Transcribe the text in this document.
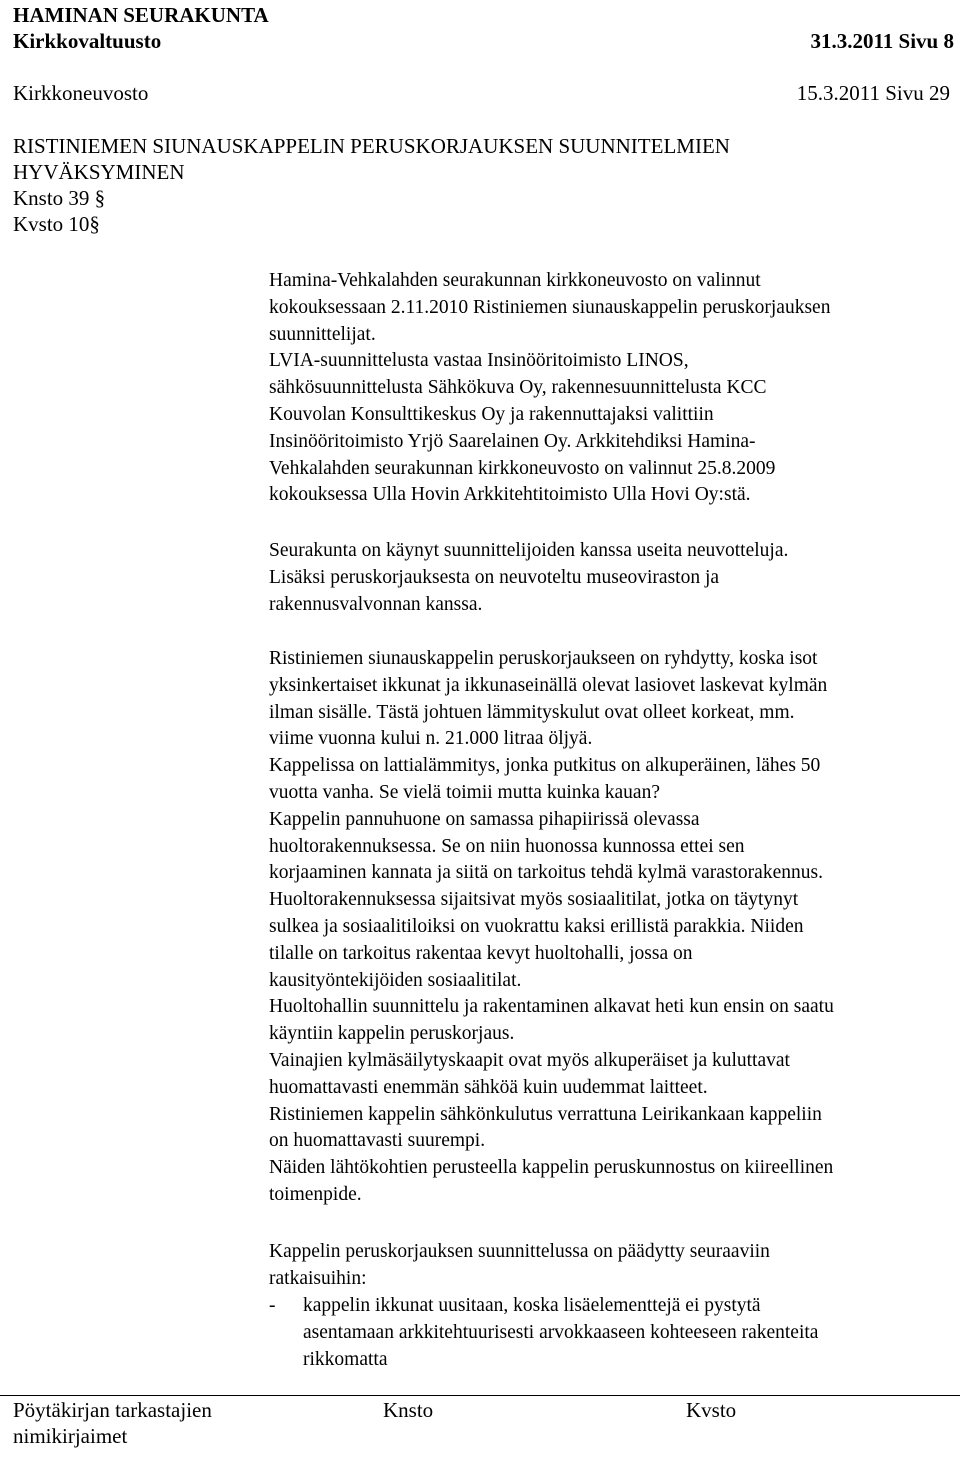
HAMINAN SEURAKUNTA
Kirkkovaltuusto	31.3.2011 Sivu 8
Kirkkoneuvosto	15.3.2011 Sivu 29
RISTINIEMEN SIUNAUSKAPPELIN PERUSKORJAUKSEN SUUNNITELMIEN
HYVÄKSYMINEN
Knsto 39 §
Kvsto 10§

Hamina-Vehkalahden seurakunnan kirkkoneuvosto on valinnut

kokouksessaan 2.11.2010 Ristiniemen siunauskappelin peruskorjauksen

suunnittelijat.

LVIA-suunnittelusta vastaa Insinööritoimisto LINOS,

sähkösuunnittelusta Sähkökuva Oy, rakennesuunnittelusta KCC

Kouvolan Konsulttikeskus Oy ja rakennuttajaksi valittiin

Insinööritoimisto Yrjö Saarelainen Oy. Arkkitehdiksi Hamina-

Vehkalahden seurakunnan kirkkoneuvosto on valinnut 25.8.2009

kokouksessa Ulla Hovin Arkkitehtitoimisto Ulla Hovi Oy:stä.

Seurakunta on käynyt suunnittelijoiden kanssa useita neuvotteluja.

Lisäksi peruskorjauksesta on neuvoteltu museoviraston ja

rakennusvalvonnan kanssa.

Ristiniemen siunauskappelin peruskorjaukseen on ryhdytty, koska isot

yksinkertaiset ikkunat ja ikkunaseinällä olevat lasiovet laskevat kylmän

ilman sisälle. Tästä johtuen lämmityskulut ovat olleet korkeat, mm.

viime vuonna kului n. 21.000 litraa öljyä.

Kappelissa on lattialämmitys, jonka putkitus on alkuperäinen, lähes 50

vuotta vanha. Se vielä toimii mutta kuinka kauan?

Kappelin pannuhuone on samassa pihapiirissä olevassa

huoltorakennuksessa. Se on niin huonossa kunnossa ettei sen

korjaaminen kannata ja siitä on tarkoitus tehdä kylmä varastorakennus.

Huoltorakennuksessa sijaitsivat myös sosiaalitilat, jotka on täytynyt

sulkea ja sosiaalitiloiksi on vuokrattu kaksi erillistä parakkia. Niiden

tilalle on tarkoitus rakentaa kevyt huoltohalli, jossa on

kausityöntekijöiden sosiaalitilat.

Huoltohallin suunnittelu ja rakentaminen alkavat heti kun ensin on saatu

käyntiin kappelin peruskorjaus.

Vainajien kylmäsäilytyskaapit ovat myös alkuperäiset ja kuluttavat

huomattavasti enemmän sähköä kuin uudemmat laitteet.

Ristiniemen kappelin sähkönkulutus verrattuna Leirikankaan kappeliin

on huomattavasti suurempi.

Näiden lähtökohtien perusteella kappelin peruskunnostus on kiireellinen

toimenpide.

Kappelin peruskorjauksen suunnittelussa on päädytty seuraaviin

ratkaisuihin:

- kappelin ikkunat uusitaan, koska lisäelementtejä ei pystytä

asentamaan arkkitehtuurisesti arvokkaaseen kohteeseen rakenteita

rikkomatta

Pöytäkirjan tarkastajien
nimikirjaimet
Knsto	Kvsto
